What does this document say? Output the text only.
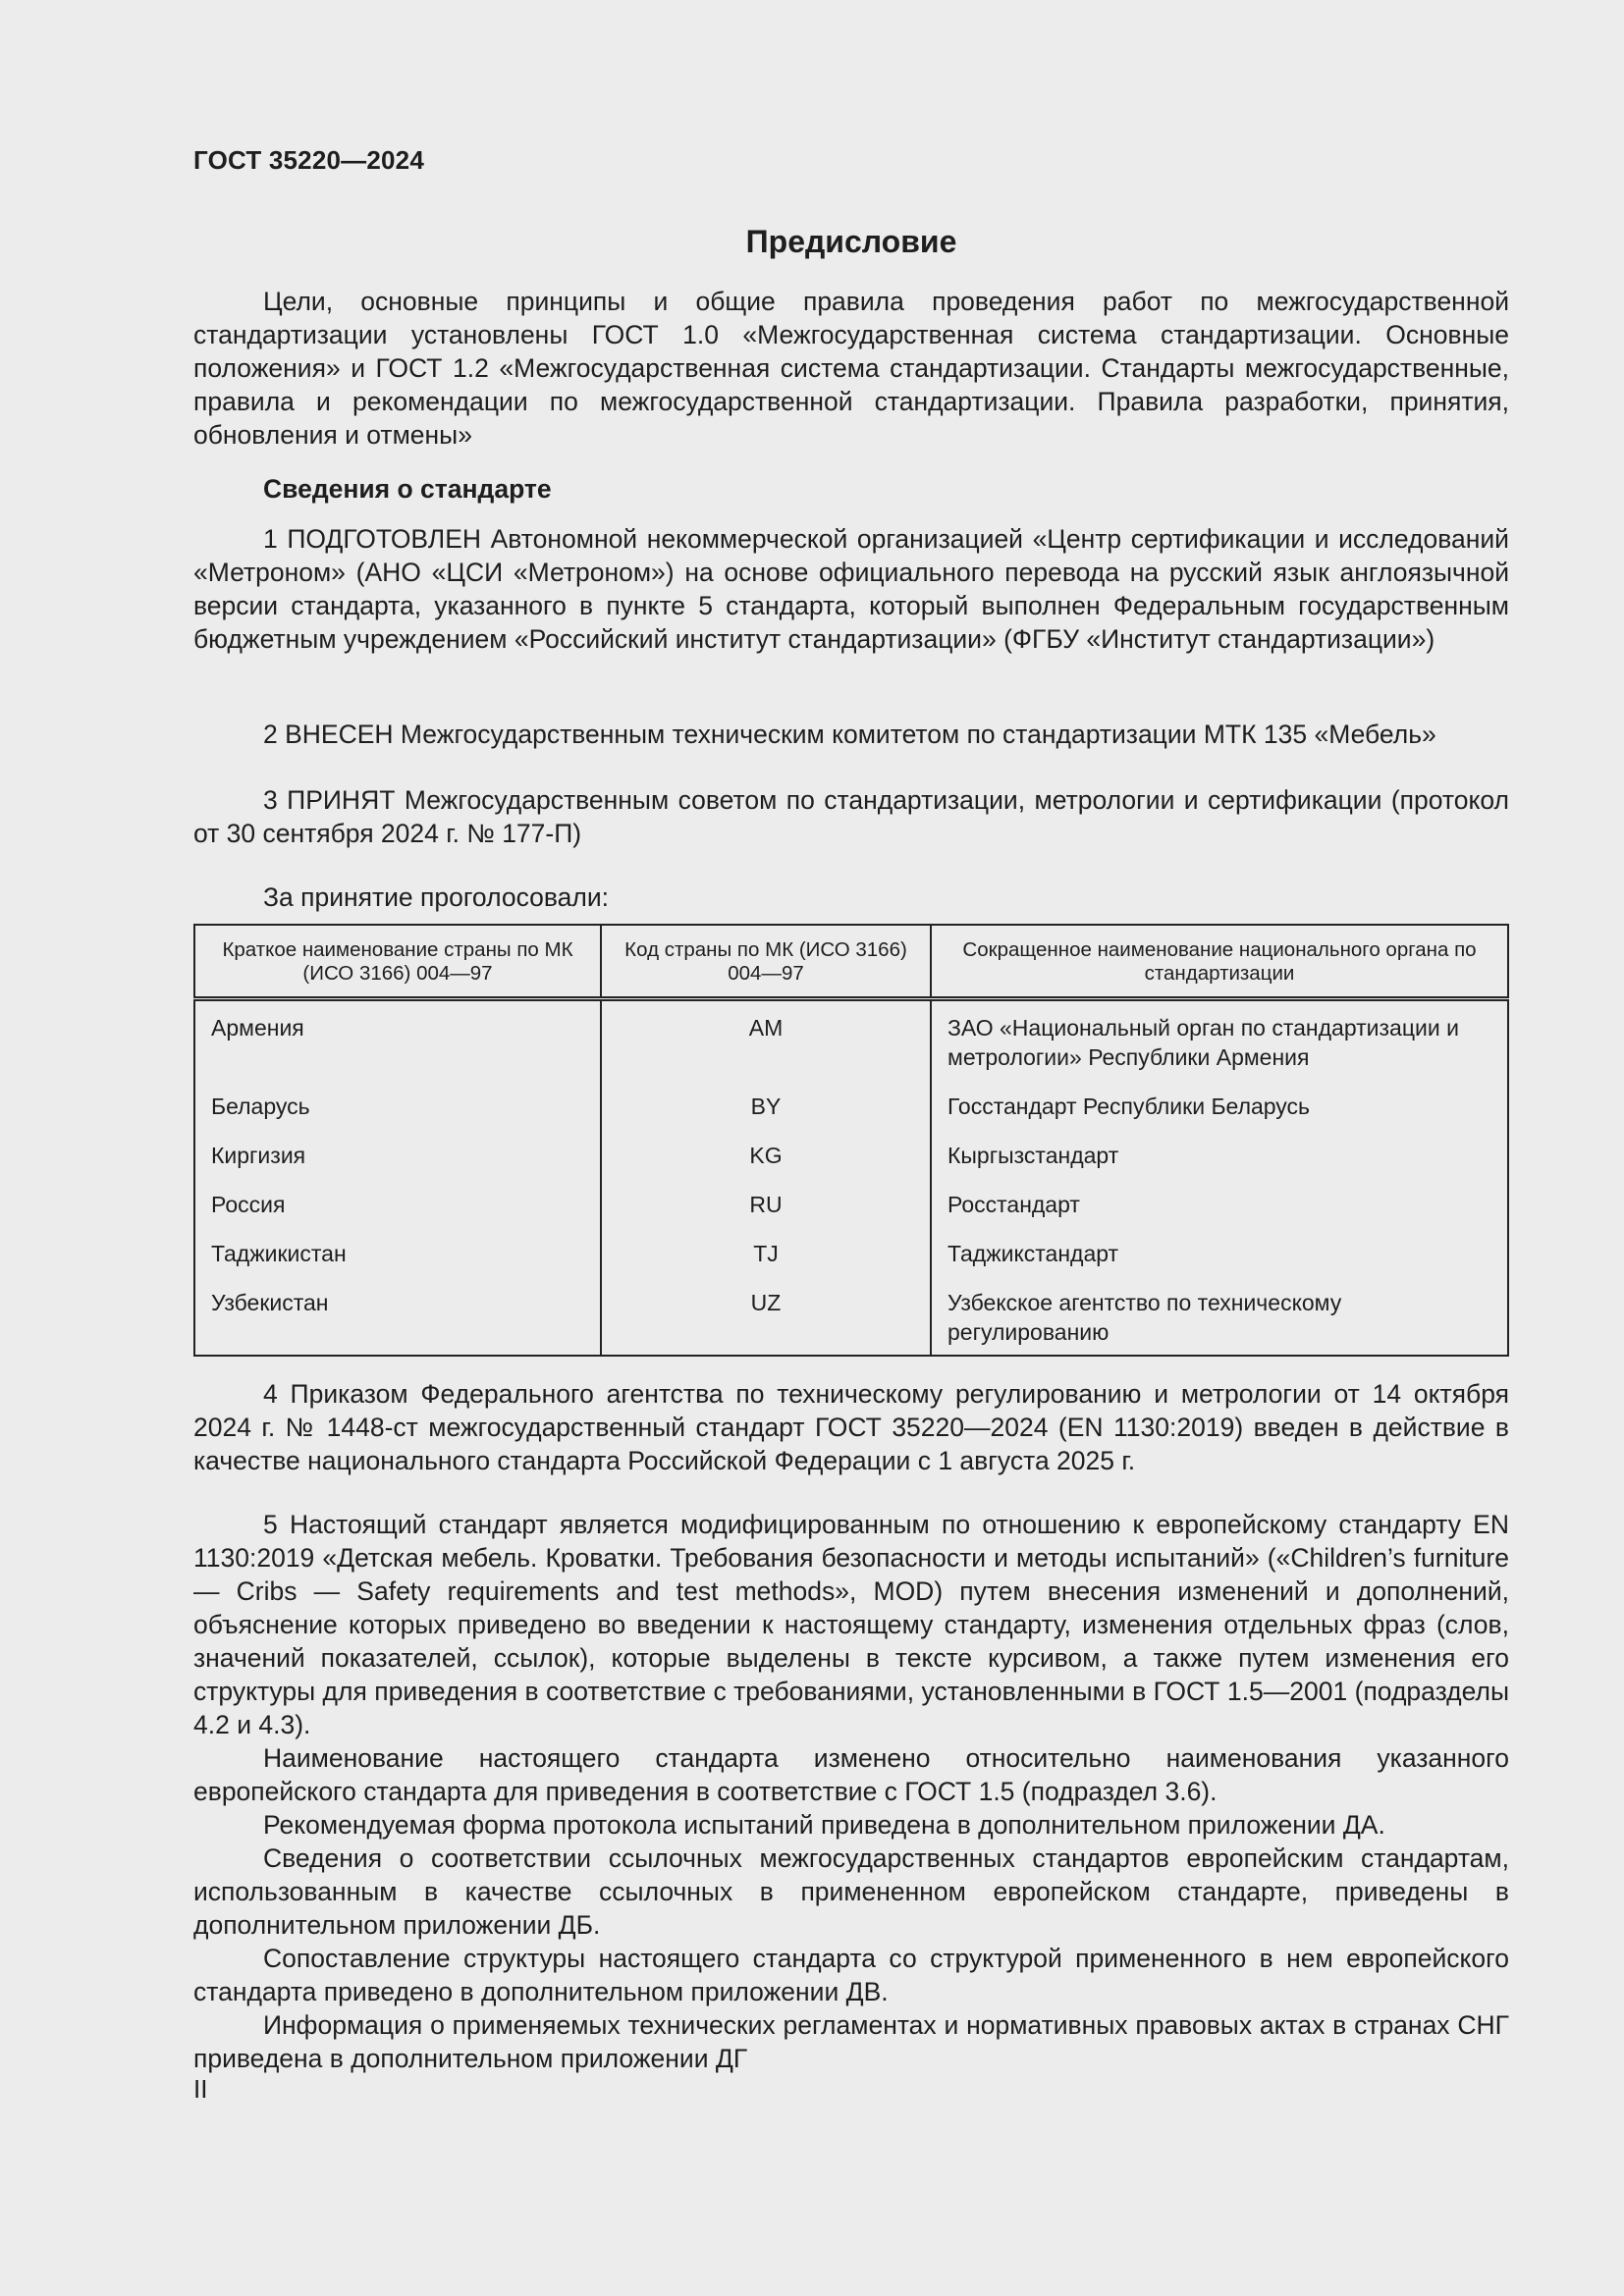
ГОСТ 35220—2024
Предисловие

Цели, основные принципы и общие правила проведения работ по межгосударственной стандартизации установлены ГОСТ 1.0 «Межгосударственная система стандартизации. Основные положения» и ГОСТ 1.2 «Межгосударственная система стандартизации. Стандарты межгосударственные, правила и рекомендации по межгосударственной стандартизации. Правила разработки, принятия, обновления и отмены»

Сведения о стандарте

1 ПОДГОТОВЛЕН Автономной некоммерческой организацией «Центр сертификации и исследований «Метроном» (АНО «ЦСИ «Метроном») на основе официального перевода на русский язык англоязычной версии стандарта, указанного в пункте 5 стандарта, который выполнен Федеральным государственным бюджетным учреждением «Российский институт стандартизации» (ФГБУ «Институт стандартизации»)

2 ВНЕСЕН Межгосударственным техническим комитетом по стандартизации МТК 135 «Мебель»

3 ПРИНЯТ Межгосударственным советом по стандартизации, метрологии и сертификации (протокол от 30 сентября 2024 г. № 177-П)

За принятие проголосовали:

Краткое наименование страны по МК (ИСО 3166) 004—97	Код страны по МК (ИСО 3166) 004—97	Сокращенное наименование национального органа по стандартизации
Армения	AM	ЗАО «Национальный орган по стандартизации и метрологии» Республики Армения
Беларусь	BY	Госстандарт Республики Беларусь
Киргизия	KG	Кыргызстандарт
Россия	RU	Росстандарт
Таджикистан	TJ	Таджикстандарт
Узбекистан	UZ	Узбекское агентство по техническому регулированию

4 Приказом Федерального агентства по техническому регулированию и метрологии от 14 октября 2024 г. № 1448-ст межгосударственный стандарт ГОСТ 35220—2024 (EN 1130:2019) введен в действие в качестве национального стандарта Российской Федерации с 1 августа 2025 г.

5 Настоящий стандарт является модифицированным по отношению к европейскому стандарту EN 1130:2019 «Детская мебель. Кроватки. Требования безопасности и методы испытаний» («Children’s furniture — Cribs — Safety requirements and test methods», MOD) путем внесения изменений и дополнений, объяснение которых приведено во введении к настоящему стандарту, изменения отдельных фраз (слов, значений показателей, ссылок), которые выделены в тексте курсивом, а также путем изменения его структуры для приведения в соответствие с требованиями, установленными в ГОСТ 1.5—2001 (подразделы 4.2 и 4.3).

Наименование настоящего стандарта изменено относительно наименования указанного европейского стандарта для приведения в соответствие с ГОСТ 1.5 (подраздел 3.6).

Рекомендуемая форма протокола испытаний приведена в дополнительном приложении ДА.

Сведения о соответствии ссылочных межгосударственных стандартов европейским стандартам, использованным в качестве ссылочных в примененном европейском стандарте, приведены в дополнительном приложении ДБ.

Сопоставление структуры настоящего стандарта со структурой примененного в нем европейского стандарта приведено в дополнительном приложении ДВ.

Информация о применяемых технических регламентах и нормативных правовых актах в странах СНГ приведена в дополнительном приложении ДГ

II
